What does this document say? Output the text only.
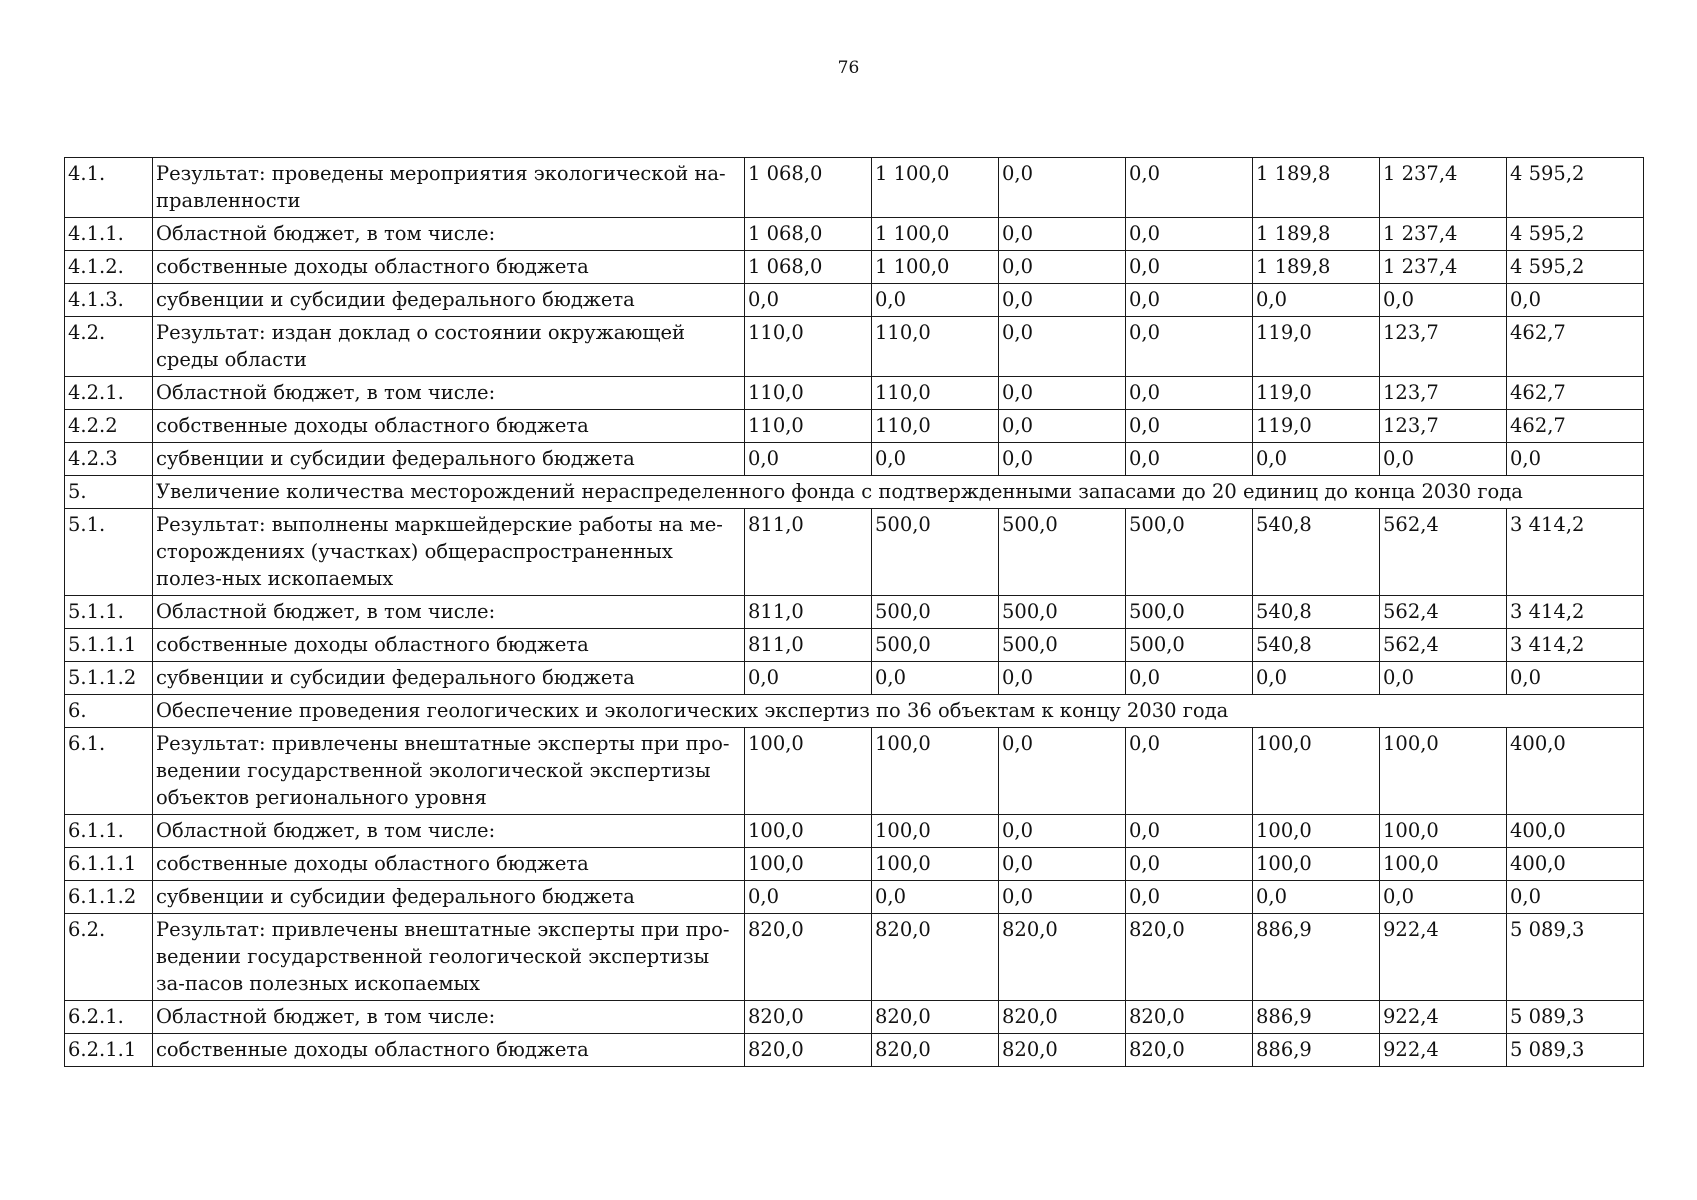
76
4.1.	Результат: проведены мероприятия экологической на-правленности	1 068,0	1 100,0	0,0	0,0	1 189,8	1 237,4	4 595,2
4.1.1.	Областной бюджет, в том числе:	1 068,0	1 100,0	0,0	0,0	1 189,8	1 237,4	4 595,2
4.1.2.	собственные доходы областного бюджета	1 068,0	1 100,0	0,0	0,0	1 189,8	1 237,4	4 595,2
4.1.3.	субвенции и субсидии федерального бюджета	0,0	0,0	0,0	0,0	0,0	0,0	0,0
4.2.	Результат: издан доклад о состоянии окружающей среды области	110,0	110,0	0,0	0,0	119,0	123,7	462,7
4.2.1.	Областной бюджет, в том числе:	110,0	110,0	0,0	0,0	119,0	123,7	462,7
4.2.2	собственные доходы областного бюджета	110,0	110,0	0,0	0,0	119,0	123,7	462,7
4.2.3	субвенции и субсидии федерального бюджета	0,0	0,0	0,0	0,0	0,0	0,0	0,0
5.	Увеличение количества месторождений нераспределенного фонда с подтвержденными запасами до 20 единиц до конца 2030 года							
5.1.	Результат: выполнены маркшейдерские работы на ме-сторождениях (участках) общераспространенных полез-ных ископаемых	811,0	500,0	500,0	500,0	540,8	562,4	3 414,2
5.1.1.	Областной бюджет, в том числе:	811,0	500,0	500,0	500,0	540,8	562,4	3 414,2
5.1.1.1	собственные доходы областного бюджета	811,0	500,0	500,0	500,0	540,8	562,4	3 414,2
5.1.1.2	субвенции и субсидии федерального бюджета	0,0	0,0	0,0	0,0	0,0	0,0	0,0
6.	Обеспечение проведения геологических и экологических экспертиз по 36 объектам к концу 2030 года							
6.1.	Результат: привлечены внештатные эксперты при про-ведении государственной экологической экспертизы объектов регионального уровня	100,0	100,0	0,0	0,0	100,0	100,0	400,0
6.1.1.	Областной бюджет, в том числе:	100,0	100,0	0,0	0,0	100,0	100,0	400,0
6.1.1.1	собственные доходы областного бюджета	100,0	100,0	0,0	0,0	100,0	100,0	400,0
6.1.1.2	субвенции и субсидии федерального бюджета	0,0	0,0	0,0	0,0	0,0	0,0	0,0
6.2.	Результат: привлечены внештатные эксперты при про-ведении государственной геологической экспертизы за-пасов полезных ископаемых	820,0	820,0	820,0	820,0	886,9	922,4	5 089,3
6.2.1.	Областной бюджет, в том числе:	820,0	820,0	820,0	820,0	886,9	922,4	5 089,3
6.2.1.1	собственные доходы областного бюджета	820,0	820,0	820,0	820,0	886,9	922,4	5 089,3
